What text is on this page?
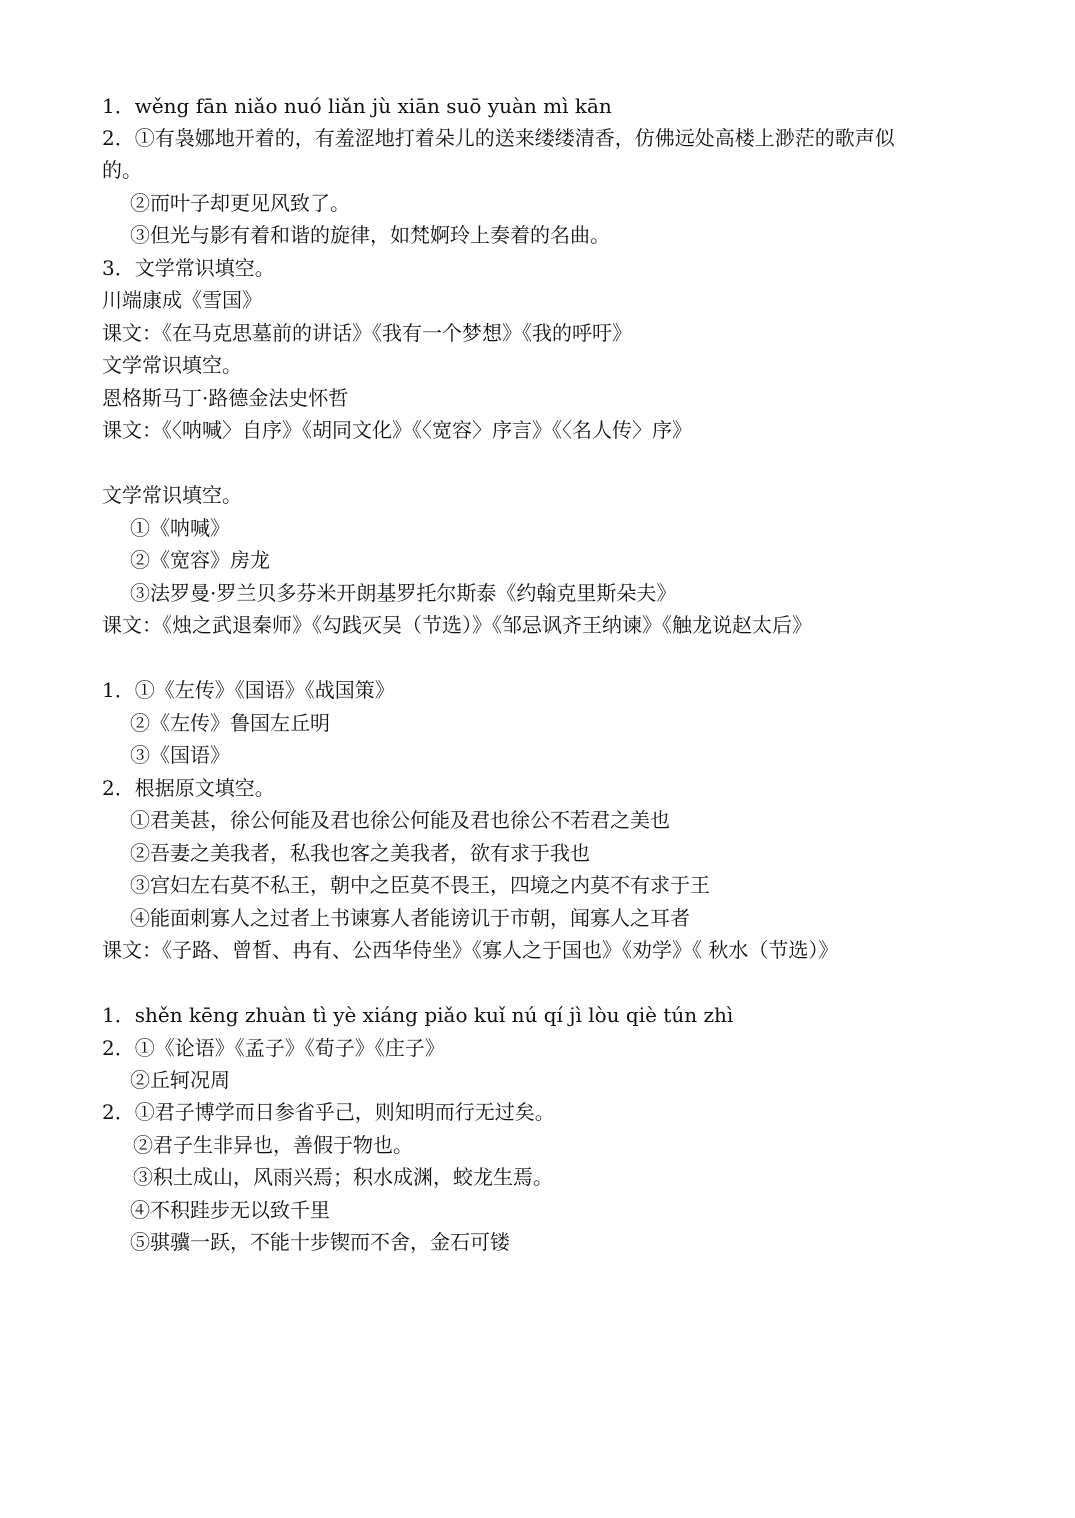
1．wěng fān niǎo nuó liǎn jù xiān suō yuàn mì kān
2．①有袅娜地开着的，有羞涩地打着朵儿的送来缕缕清香，仿佛远处高楼上渺茫的歌声似
的。
②而叶子却更见风致了。
③但光与影有着和谐的旋律，如梵婀玲上奏着的名曲。
3．文学常识填空。
川端康成《雪国》
课文：《在马克思墓前的讲话》《我有一个梦想》《我的呼吁》
文学常识填空。
恩格斯马丁·路德金法史怀哲
课文：《〈呐喊〉自序》《胡同文化》《〈宽容〉序言》《〈名人传〉序》
文学常识填空。
①《呐喊》
②《宽容》房龙
③法罗曼·罗兰贝多芬米开朗基罗托尔斯泰《约翰克里斯朵夫》
课文：《烛之武退秦师》《勾践灭吴（节选）》《邹忌讽齐王纳谏》《触龙说赵太后》
1．①《左传》《国语》《战国策》
②《左传》鲁国左丘明
③《国语》
2．根据原文填空。
①君美甚，徐公何能及君也徐公何能及君也徐公不若君之美也
②吾妻之美我者，私我也客之美我者，欲有求于我也
③宫妇左右莫不私王，朝中之臣莫不畏王，四境之内莫不有求于王
④能面刺寡人之过者上书谏寡人者能谤讥于市朝，闻寡人之耳者
课文：《子路、曾皙、冉有、公西华侍坐》《寡人之于国也》《劝学》《 秋水（节选）》
1．shěn kēng zhuàn tì yè xiáng piǎo kuǐ nú qí jì lòu qiè tún zhì
2．①《论语》《孟子》《荀子》《庄子》
②丘轲况周
2．①君子博学而日参省乎己，则知明而行无过矣。
②君子生非异也，善假于物也。
③积土成山，风雨兴焉；积水成渊，蛟龙生焉。
④不积跬步无以致千里
⑤骐骥一跃，不能十步锲而不舍，金石可镂
